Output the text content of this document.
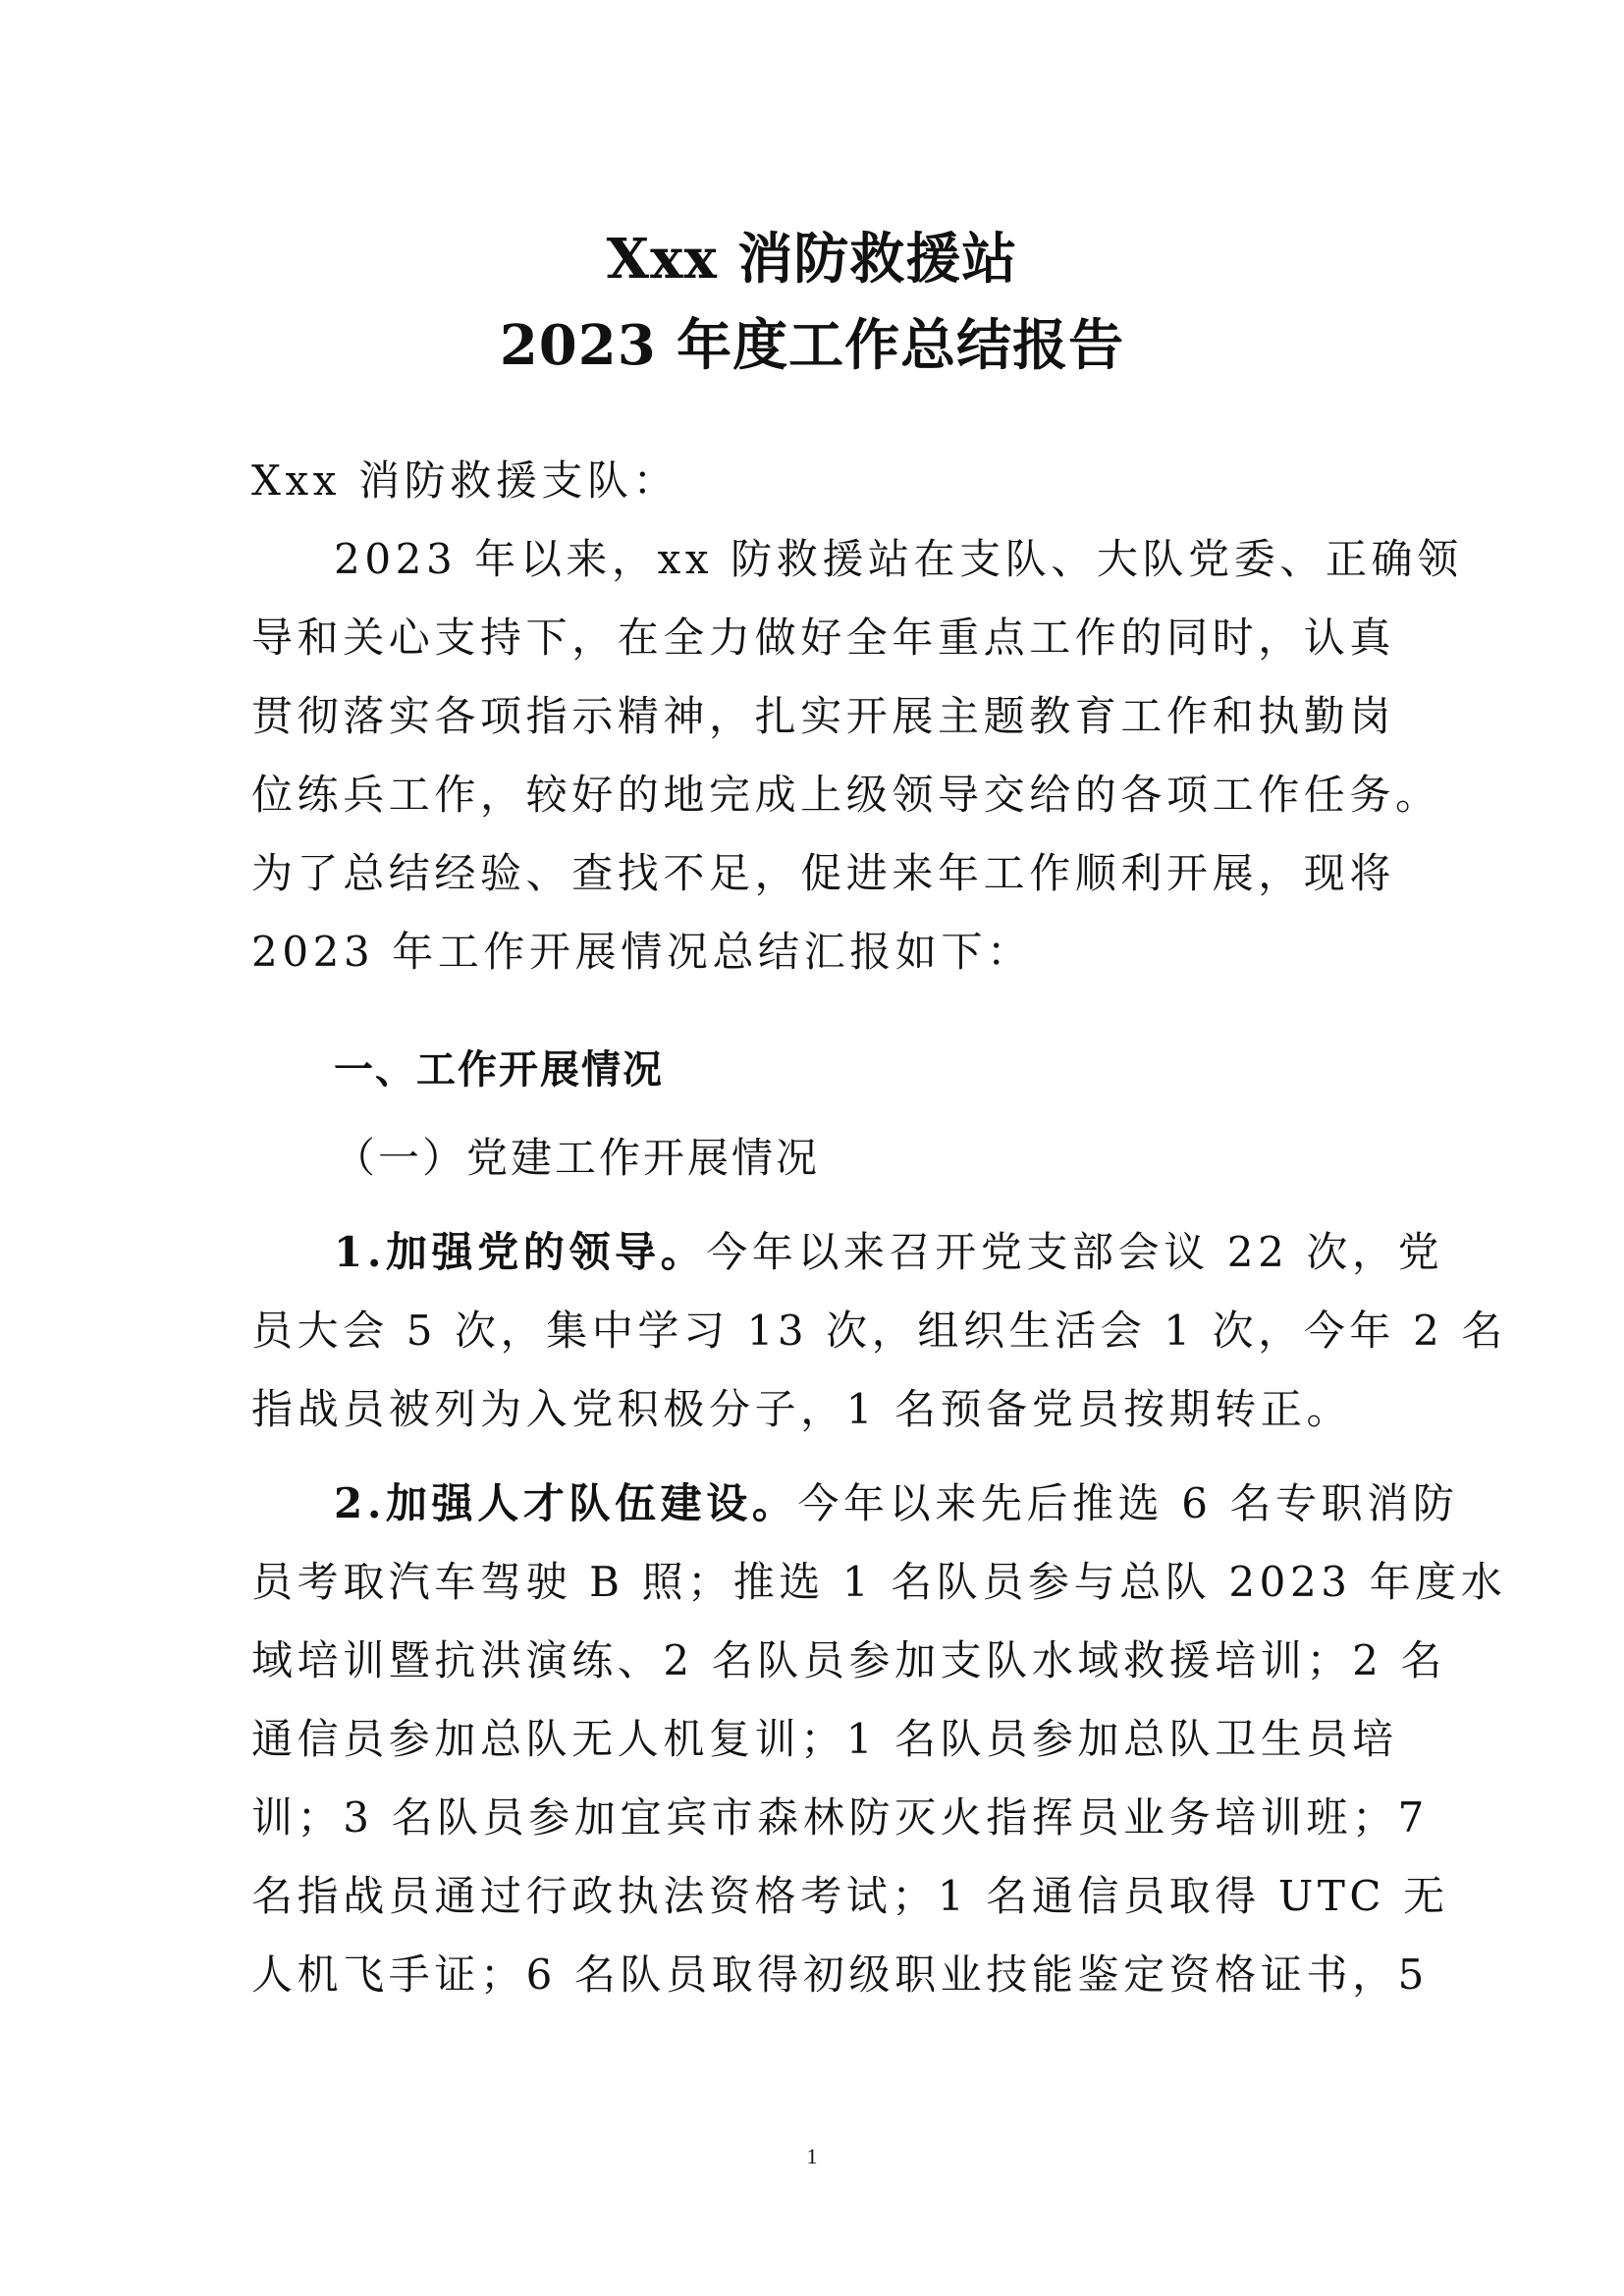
Xxx 消防救援站
2023 年度工作总结报告
Xxx 消防救援支队：
2023 年以来，xx 防救援站在支队、大队党委、正确领
导和关心支持下，在全力做好全年重点工作的同时，认真
贯彻落实各项指示精神，扎实开展主题教育工作和执勤岗
位练兵工作，较好的地完成上级领导交给的各项工作任务。
为了总结经验、查找不足，促进来年工作顺利开展，现将
2023 年工作开展情况总结汇报如下：
一、工作开展情况
（一）党建工作开展情况
1.加强党的领导。今年以来召开党支部会议 22 次，党
员大会 5 次，集中学习 13 次，组织生活会 1 次，今年 2 名
指战员被列为入党积极分子，1 名预备党员按期转正。
2.加强人才队伍建设。今年以来先后推选 6 名专职消防
员考取汽车驾驶 B 照；推选 1 名队员参与总队 2023 年度水
域培训暨抗洪演练、2 名队员参加支队水域救援培训；2 名
通信员参加总队无人机复训；1 名队员参加总队卫生员培
训；3 名队员参加宜宾市森林防灭火指挥员业务培训班；7
名指战员通过行政执法资格考试；1 名通信员取得 UTC 无
人机飞手证；6 名队员取得初级职业技能鉴定资格证书，5
1
